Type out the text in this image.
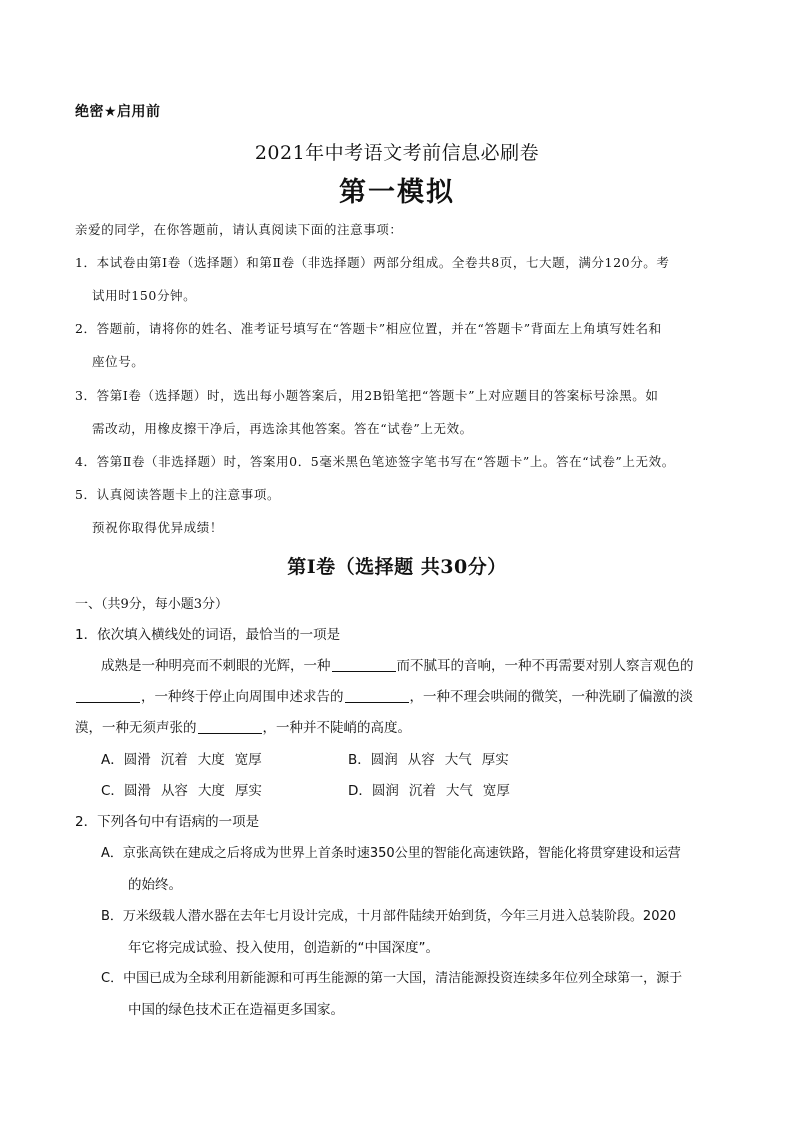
绝密★启用前
2021年中考语文考前信息必刷卷
第一模拟
亲爱的同学，在你答题前，请认真阅读下面的注意事项：
1．本试卷由第Ⅰ卷（选择题）和第Ⅱ卷（非选择题）两部分组成。全卷共8页，七大题，满分120分。考
试用时150分钟。
2．答题前，请将你的姓名、准考证号填写在“答题卡”相应位置，并在“答题卡”背面左上角填写姓名和
座位号。
3．答第Ⅰ卷（选择题）时，选出每小题答案后，用2B铅笔把“答题卡”上对应题目的答案标号涂黑。如
需改动，用橡皮擦干净后，再选涂其他答案。答在“试卷”上无效。
4．答第Ⅱ卷（非选择题）时，答案用0．5毫米黑色笔迹签字笔书写在“答题卡”上。答在“试卷”上无效。
5．认真阅读答题卡上的注意事项。
预祝你取得优异成绩！
第Ⅰ卷（选择题 共30分）
一、（共9分，每小题3分）
1．依次填入横线处的词语，最恰当的一项是
成熟是一种明亮而不刺眼的光辉，一种	而不腻耳的音响，一种不再需要对别人察言观色的
，一种终于停止向周围申述求告的	，一种不理会哄闹的微笑，一种洗刷了偏激的淡
漠，一种无须声张的	，一种并不陡峭的高度。
A．圆滑 沉着 大度 宽厚	B．圆润 从容 大气 厚实
C．圆滑 从容 大度 厚实	D．圆润 沉着 大气 宽厚
2．下列各句中有语病的一项是
A．京张高铁在建成之后将成为世界上首条时速350公里的智能化高速铁路，智能化将贯穿建设和运营
的始终。
B．万米级载人潜水器在去年七月设计完成，十月部件陆续开始到货，今年三月进入总装阶段。2020
年它将完成试验、投入使用，创造新的“中国深度”。
C．中国已成为全球利用新能源和可再生能源的第一大国，清洁能源投资连续多年位列全球第一，源于
中国的绿色技术正在造福更多国家。
